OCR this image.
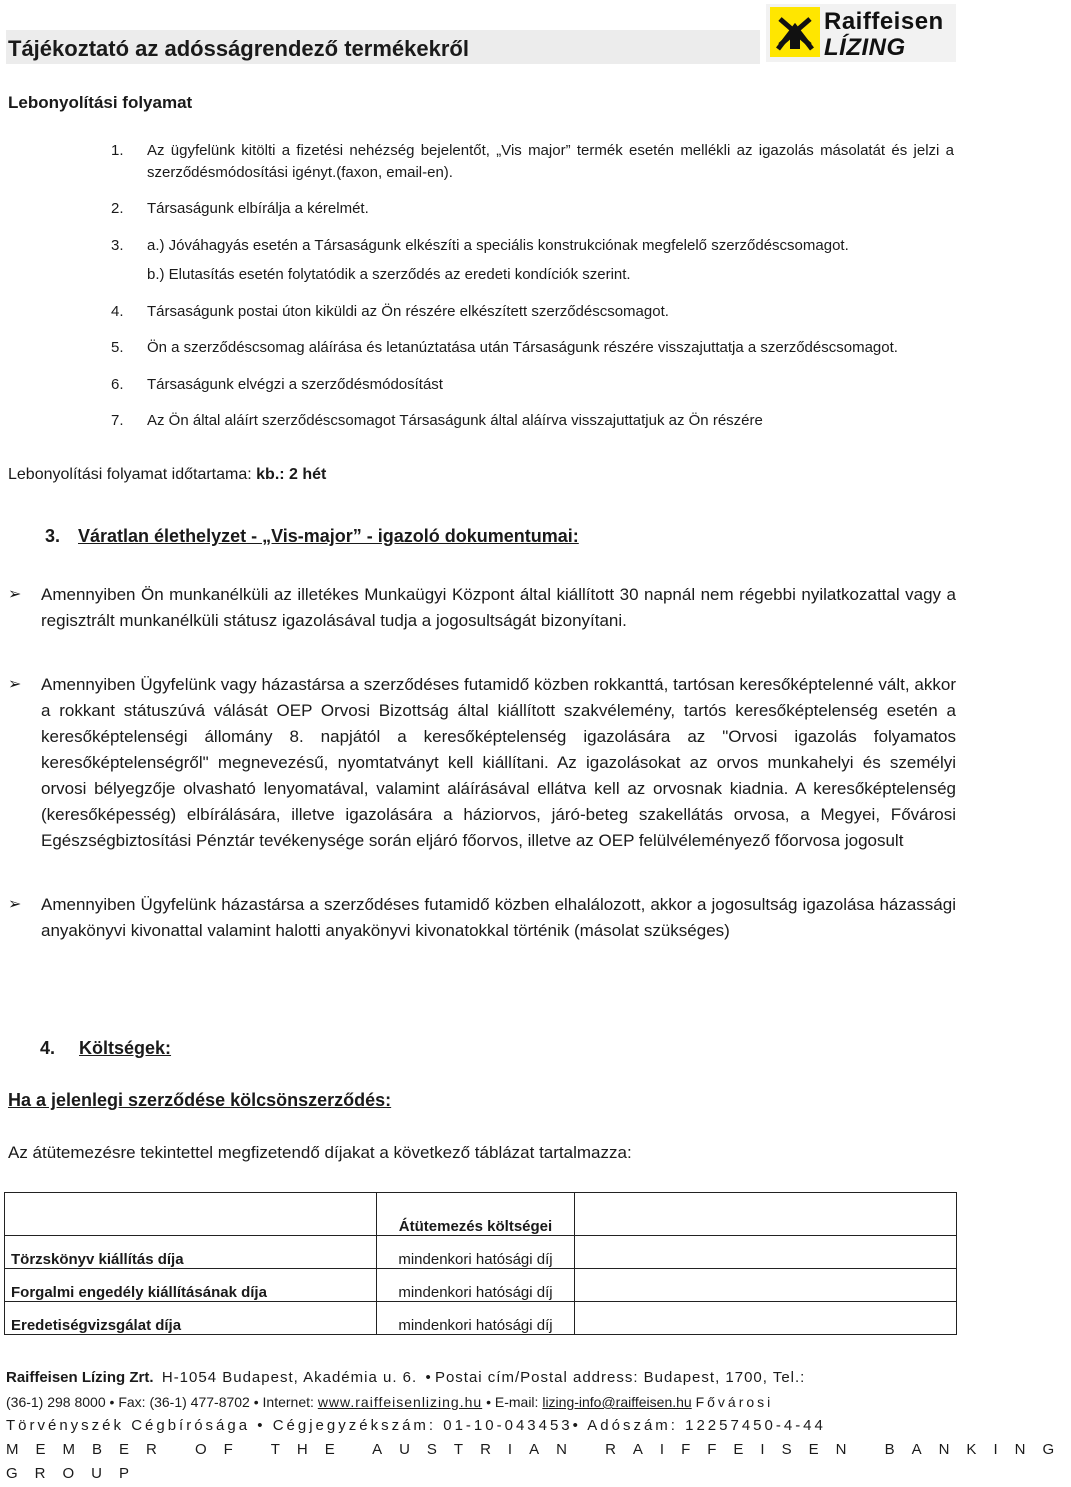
Tájékoztató az adósságrendező termékekről
Raiffeisen
LÍZING
Lebonyolítási folyamat
1. Az ügyfelünk kitölti a fizetési nehézség bejelentőt, „Vis major” termék esetén mellékli az igazolás másolatát és jelzi a szerződésmódosítási igényt.(faxon, email-en).
2. Társaságunk elbírálja a kérelmét.
3. a.) Jóváhagyás esetén a Társaságunk elkészíti a speciális konstrukciónak megfelelő szerződéscsomagot.
b.) Elutasítás esetén folytatódik a szerződés az eredeti kondíciók szerint.
4. Társaságunk postai úton kiküldi az Ön részére elkészített szerződéscsomagot.
5. Ön a szerződéscsomag aláírása és letanúztatása után Társaságunk részére visszajuttatja a szerződéscsomagot.
6. Társaságunk elvégzi a szerződésmódosítást
7. Az Ön által aláírt szerződéscsomagot Társaságunk által aláírva visszajuttatjuk az Ön részére

Lebonyolítási folyamat időtartama: kb.: 2 hét

3. Váratlan élethelyzet - „Vis-major” - igazoló dokumentumai:

➢ Amennyiben Ön munkanélküli az illetékes Munkaügyi Központ által kiállított 30 napnál nem régebbi nyilatkozattal vagy a regisztrált munkanélküli státusz igazolásával tudja a jogosultságát bizonyítani.

➢ Amennyiben Ügyfelünk vagy házastársa a szerződéses futamidő közben rokkanttá, tartósan keresőképtelenné vált, akkor a rokkant státuszúvá válását OEP Orvosi Bizottság által kiállított szakvélemény, tartós keresőképtelenség esetén a keresőképtelenségi állomány 8. napjától a keresőképtelenség igazolására az "Orvosi igazolás folyamatos keresőképtelenségről" megnevezésű, nyomtatványt kell kiállítani. Az igazolásokat az orvos munkahelyi és személyi orvosi bélyegzője olvasható lenyomatával, valamint aláírásával ellátva kell az orvosnak kiadnia. A keresőképtelenség (keresőképesség) elbírálására, illetve igazolására a háziorvos, járó-beteg szakellátás orvosa, a Megyei, Fővárosi Egészségbiztosítási Pénztár tevékenysége során eljáró főorvos, illetve az OEP felülvéleményező főorvosa jogosult

➢ Amennyiben Ügyfelünk házastársa a szerződéses futamidő közben elhalálozott, akkor a jogosultság igazolása házassági anyakönyvi kivonattal valamint halotti anyakönyvi kivonatokkal történik (másolat szükséges)

4. Költségek:
Ha a jelenlegi szerződése kölcsönszerződés:

Az átütemezésre tekintettel megfizetendő díjakat a következő táblázat tartalmazza:

	Átütemezés költségei	
Törzskönyv kiállítás díja	mindenkori hatósági díj	
Forgalmi engedély kiállításának díja	mindenkori hatósági díj	
Eredetiségvizsgálat díja	mindenkori hatósági díj	

Raiffeisen Lízing Zrt. H-1054 Budapest, Akadémia u. 6.  • Postai cím/Postal address: Budapest, 1700, Tel.:

(36-1) 298 8000 • Fax: (36-1) 477-8702 • Internet: www.raiffeisenlizing.hu • E-mail: lizing-info@raiffeisen.hu Fővárosi

Törvényszék Cégbírósága • Cégjegyzékszám: 01-10-043453• Adószám: 12257450-4-44

MEMBER OF THE AUSTRIAN RAIFFEISEN BANKING

GROUP
